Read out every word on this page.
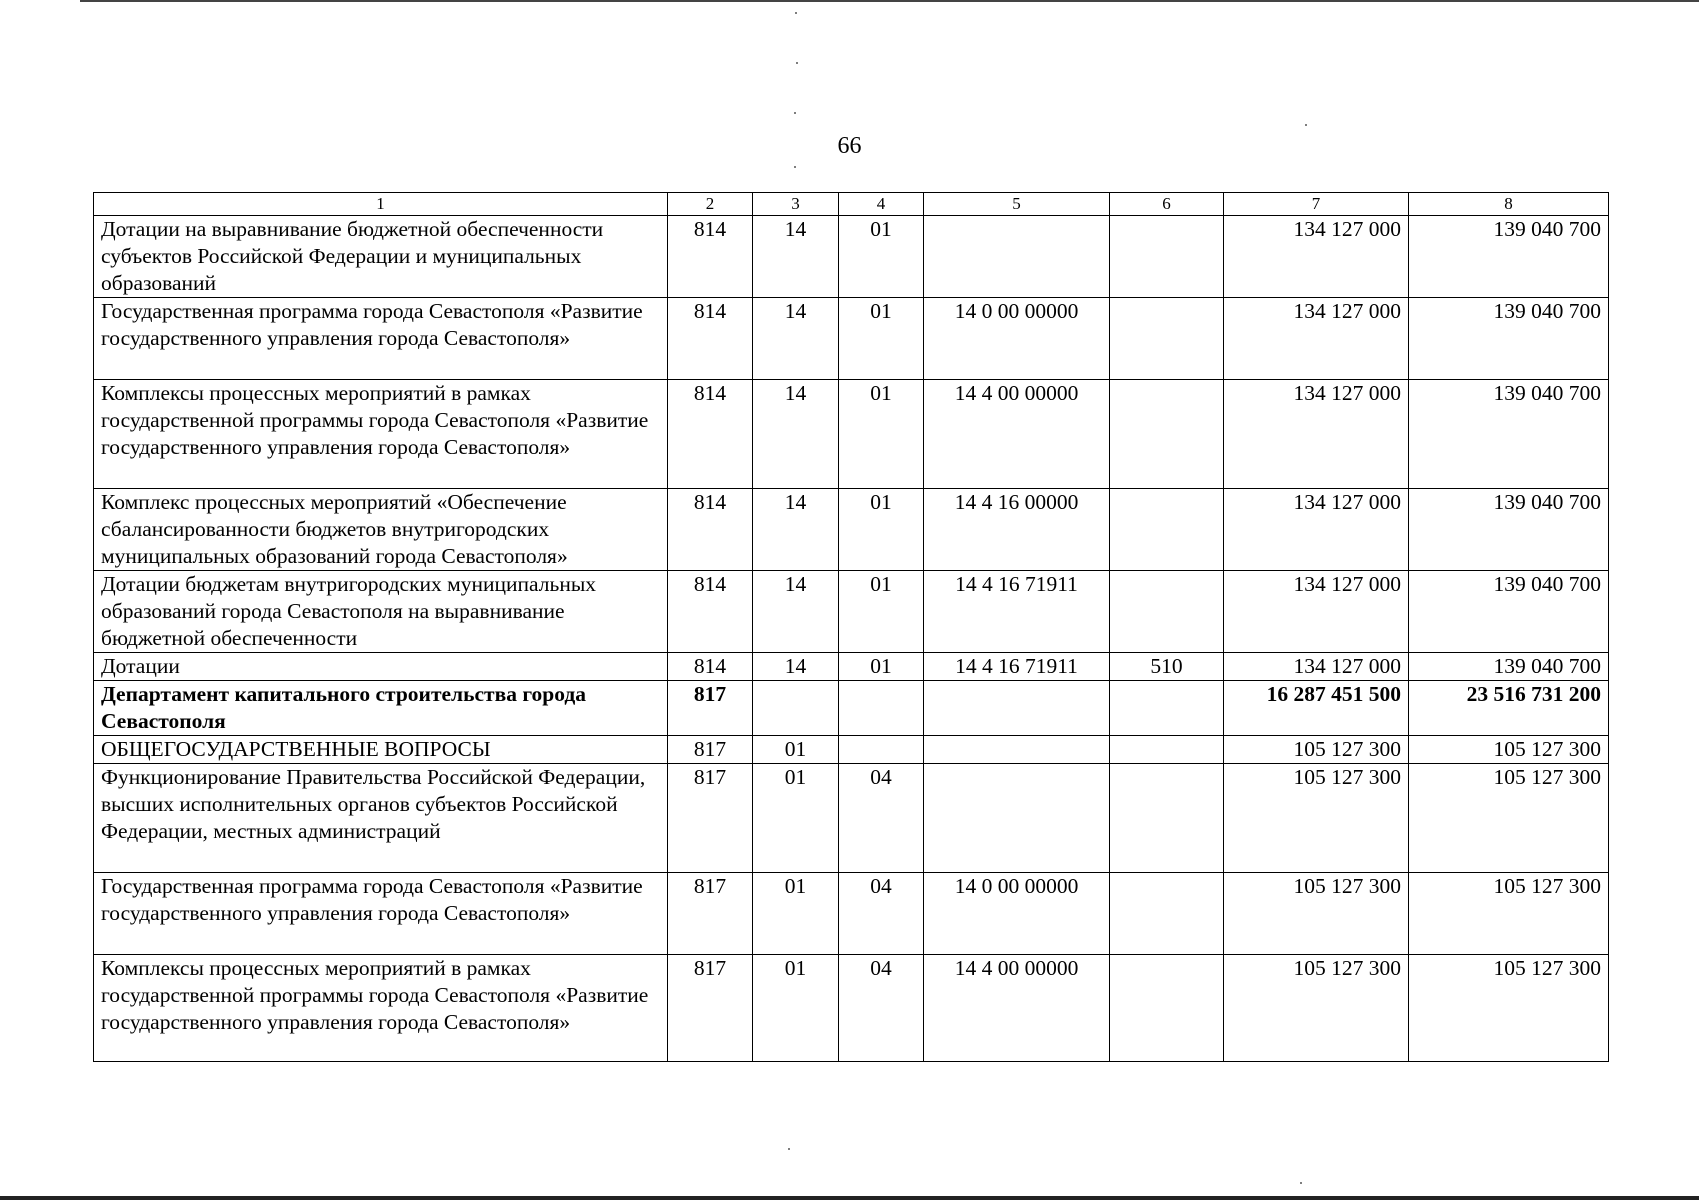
66
1	2	3	4	5	6	7	8
Дотации на выравнивание бюджетной обеспеченности субъектов Российской Федерации и муниципальных образований	814	14	01			134 127 000	139 040 700
Государственная программа города Севастополя «Развитие государственного управления города Севастополя»	814	14	01	14 0 00 00000		134 127 000	139 040 700
Комплексы процессных мероприятий в рамках государственной программы города Севастополя «Развитие государственного управления города Севастополя»	814	14	01	14 4 00 00000		134 127 000	139 040 700
Комплекс процессных мероприятий «Обеспечение сбалансированности бюджетов внутригородских муниципальных образований города Севастополя»	814	14	01	14 4 16 00000		134 127 000	139 040 700
Дотации бюджетам внутригородских муниципальных образований города Севастополя на выравнивание бюджетной обеспеченности	814	14	01	14 4 16 71911		134 127 000	139 040 700
Дотации	814	14	01	14 4 16 71911	510	134 127 000	139 040 700
Департамент капитального строительства города Севастополя	817					16 287 451 500	23 516 731 200
ОБЩЕГОСУДАРСТВЕННЫЕ ВОПРОСЫ	817	01				105 127 300	105 127 300
Функционирование Правительства Российской Федерации, высших исполнительных органов субъектов Российской Федерации, местных администраций	817	01	04			105 127 300	105 127 300
Государственная программа города Севастополя «Развитие государственного управления города Севастополя»	817	01	04	14 0 00 00000		105 127 300	105 127 300
Комплексы процессных мероприятий в рамках государственной программы города Севастополя «Развитие государственного управления города Севастополя»	817	01	04	14 4 00 00000		105 127 300	105 127 300
